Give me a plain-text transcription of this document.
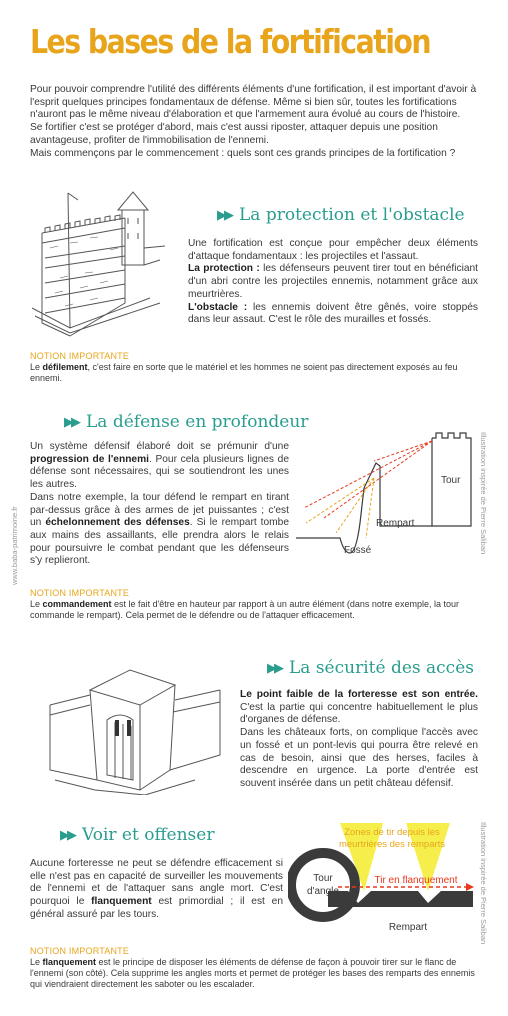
Les bases de la fortification

Pour pouvoir comprendre l'utilité des différents éléments d'une fortification, il est important d'avoir à l'esprit quelques principes fondamentaux de défense. Même si bien sûr, toutes les fortifications n'auront pas le même niveau d'élaboration et que l'armement aura évolué au cours de l'histoire.

Se fortifier c'est se protéger d'abord, mais c'est aussi riposter, attaquer depuis une position avantageuse, profiter de l'immobilisation de l'ennemi.

Mais commençons par le commencement : quels sont ces grands principes de la fortification ?

▶▶ La protection et l'obstacle

Une fortification est conçue pour empêcher deux éléments d'attaque fondamentaux : les projectiles et l'assaut.

La protection : les défenseurs peuvent tirer tout en bénéficiant d'un abri contre les projectiles ennemis, notamment grâce aux meurtrières.

L'obstacle : les ennemis doivent être gênés, voire stoppés dans leur assaut. C'est le rôle des murailles et fossés.

NOTION IMPORTANTE
Le défilement, c'est faire en sorte que le matériel et les hommes ne soient pas directement exposés au feu ennemi.
www.baba-patrimoine.fr
▶▶ La défense en profondeur

Un système défensif élaboré doit se prémunir d'une progression de l'ennemi. Pour cela plusieurs lignes de défense sont nécessaires, qui se soutiendront les unes les autres.

Dans notre exemple, la tour défend le rempart en tirant par-dessus grâce à des armes de jet puissantes ; c'est un échelonnement des défenses. Si le rempart tombe aux mains des assaillants, elle prendra alors le relais pour poursuivre le combat pendant que les défenseurs s'y replieront.

Tour
Rempart
Fossé	Illustration inspirée de Pierre Saliban
NOTION IMPORTANTE
Le commandement est le fait d'être en hauteur par rapport à un autre élément (dans notre exemple, la tour commande le rempart). Cela permet de le défendre ou de l'attaquer efficacement.
▶▶ La sécurité des accès

Le point faible de la forteresse est son entrée. C'est la partie qui concentre habituellement le plus d'organes de défense.

Dans les châteaux forts, on complique l'accès avec un fossé et un pont-levis qui pourra être relevé en cas de besoin, ainsi que des herses, faciles à descendre en urgence. La porte d'entrée est souvent insérée dans un petit château défensif.

▶▶ Voir et offenser

Aucune forteresse ne peut se défendre efficacement si elle n'est pas en capacité de surveiller les mouvements de l'ennemi et de l'attaquer sans angle mort. C'est pourquoi le flanquement est primordial ; il est en général assuré par les tours.

Zones de tir depuis les
meurtrières des remparts
Tour
d'angle
Tir en flanquement
Rempart	Illustration inspirée de Pierre Saliban
NOTION IMPORTANTE
Le flanquement est le principe de disposer les éléments de défense de façon à pouvoir tirer sur le flanc de l'ennemi (son côté). Cela supprime les angles morts et permet de protéger les bases des remparts des ennemis qui viendraient directement les saboter ou les escalader.
